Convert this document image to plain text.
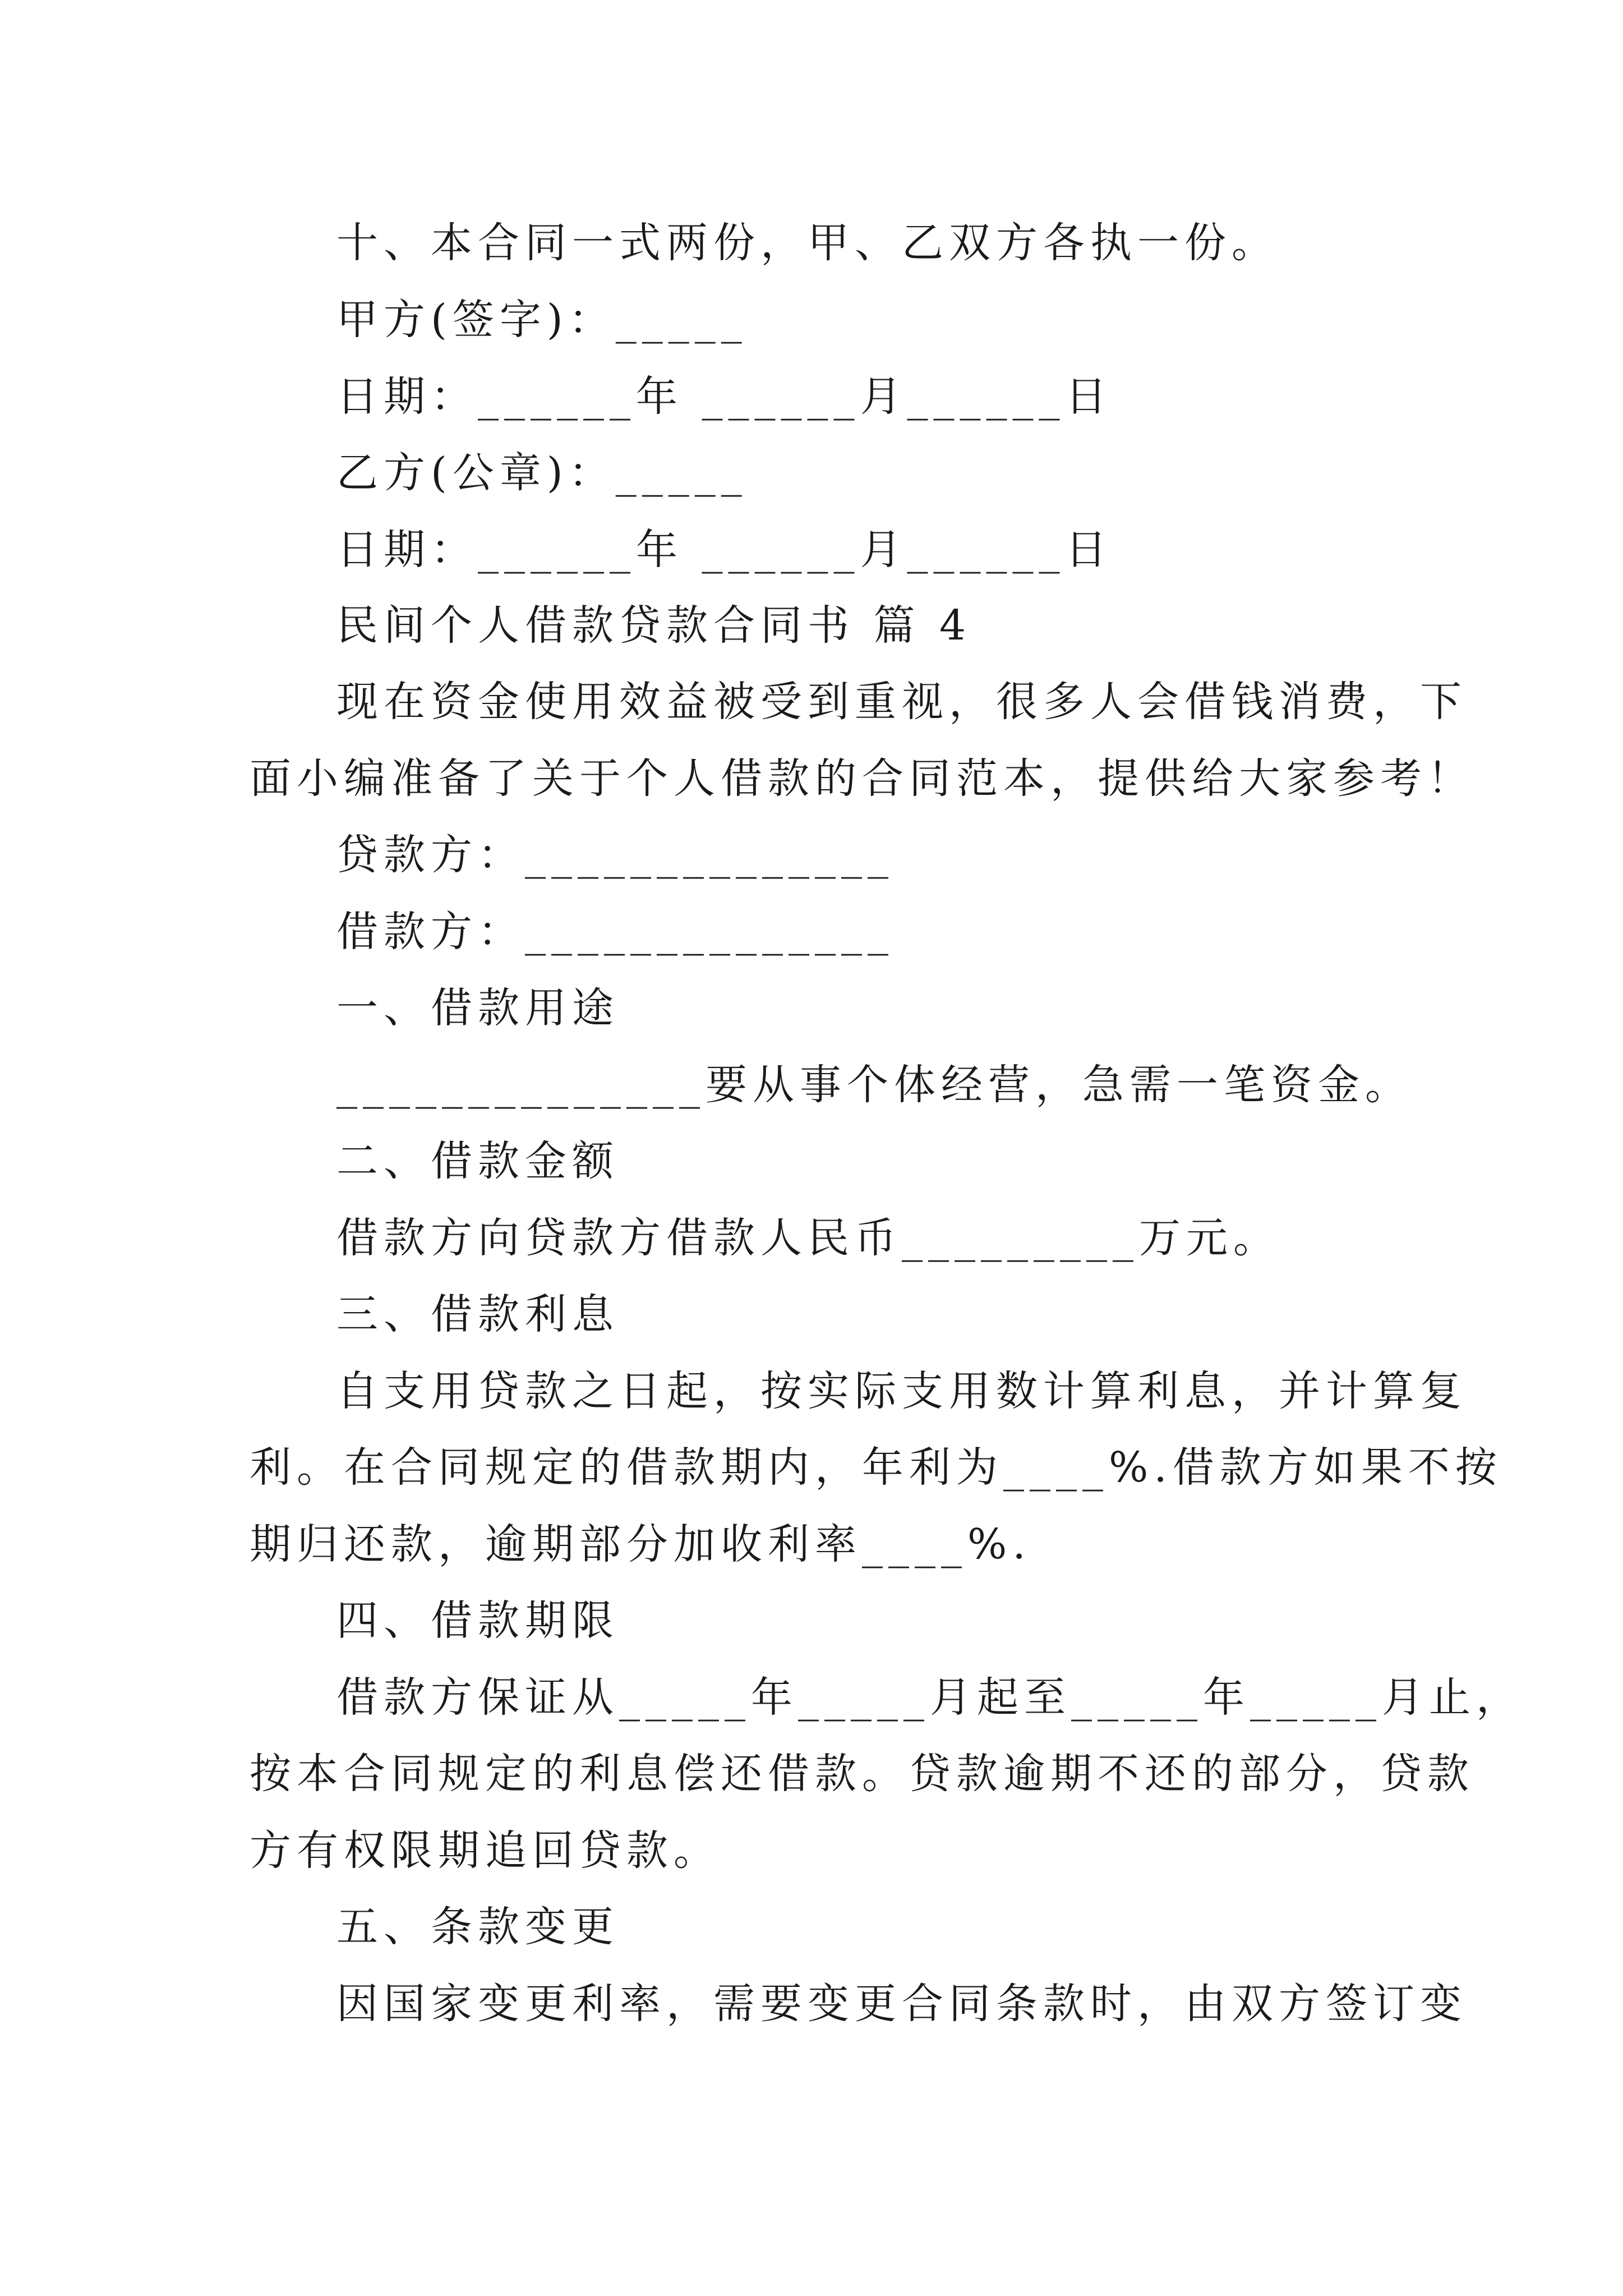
十、本合同一式两份，甲、乙双方各执一份。
甲方(签字)：_____
日期：______年 ______月______日
乙方(公章)：_____
日期：______年 ______月______日
民间个人借款贷款合同书 篇 4
现在资金使用效益被受到重视，很多人会借钱消费，下
面小编准备了关于个人借款的合同范本，提供给大家参考！
贷款方：______________
借款方：______________
一、借款用途
______________要从事个体经营，急需一笔资金。
二、借款金额
借款方向贷款方借款人民币_________万元。
三、借款利息
自支用贷款之日起，按实际支用数计算利息，并计算复
利。在合同规定的借款期内，年利为____%.借款方如果不按
期归还款，逾期部分加收利率____%.
四、借款期限
借款方保证从_____年_____月起至_____年_____月止，
按本合同规定的利息偿还借款。贷款逾期不还的部分，贷款
方有权限期追回贷款。
五、条款变更
因国家变更利率，需要变更合同条款时，由双方签订变
